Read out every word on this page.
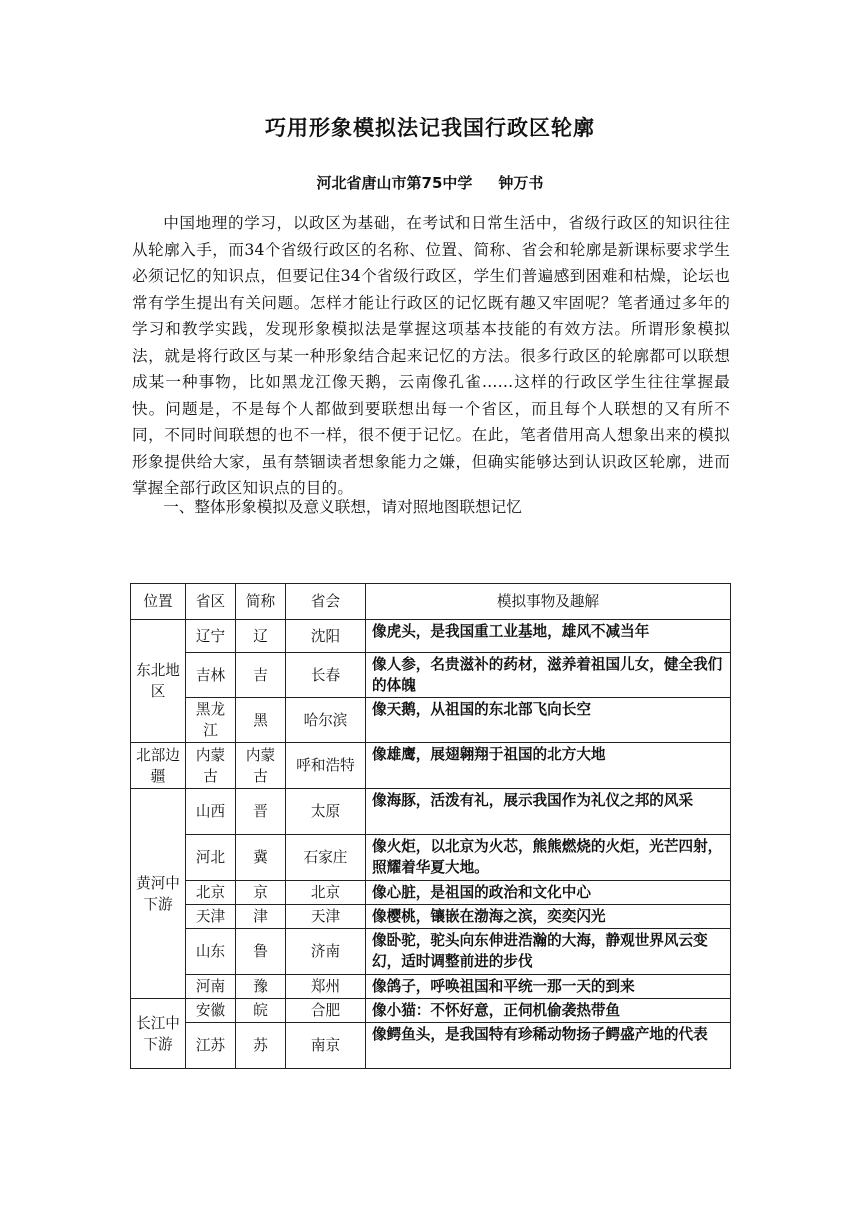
巧用形象模拟法记我国行政区轮廓
河北省唐山市第75中学 钟万书

中国地理的学习，以政区为基础，在考试和日常生活中，省级行政区的知识往往从轮廓入手，而34个省级行政区的名称、位置、简称、省会和轮廓是新课标要求学生必须记忆的知识点，但要记住34个省级行政区，学生们普遍感到困难和枯燥，论坛也常有学生提出有关问题。怎样才能让行政区的记忆既有趣又牢固呢？笔者通过多年的学习和教学实践，发现形象模拟法是掌握这项基本技能的有效方法。所谓形象模拟法，就是将行政区与某一种形象结合起来记忆的方法。很多行政区的轮廓都可以联想成某一种事物，比如黑龙江像天鹅，云南像孔雀……这样的行政区学生往往掌握最快。问题是，不是每个人都做到要联想出每一个省区，而且每个人联想的又有所不同，不同时间联想的也不一样，很不便于记忆。在此，笔者借用高人想象出来的模拟形象提供给大家，虽有禁锢读者想象能力之嫌，但确实能够达到认识政区轮廓，进而掌握全部行政区知识点的目的。

一、整体形象模拟及意义联想，请对照地图联想记忆

位置	省区	简称	省会	模拟事物及趣解
东北地区	辽宁	辽	沈阳	像虎头，是我国重工业基地，雄风不减当年
	吉林	吉	长春	像人参，名贵滋补的药材，滋养着祖国儿女，健全我们的体魄
	黑龙江	黑	哈尔滨	像天鹅，从祖国的东北部飞向长空
北部边疆	内蒙古	内蒙古	呼和浩特	像雄鹰，展翅翱翔于祖国的北方大地
黄河中下游	山西	晋	太原	像海豚，活泼有礼，展示我国作为礼仪之邦的风采
	河北	冀	石家庄	像火炬，以北京为火芯，熊熊燃烧的火炬，光芒四射，照耀着华夏大地。
	北京	京	北京	像心脏，是祖国的政治和文化中心
	天津	津	天津	像樱桃，镶嵌在渤海之滨，奕奕闪光
	山东	鲁	济南	像卧驼，驼头向东伸进浩瀚的大海，静观世界风云变幻，适时调整前进的步伐
	河南	豫	郑州	像鸽子，呼唤祖国和平统一那一天的到来
长江中下游	安徽	皖	合肥	像小猫：不怀好意，正伺机偷袭热带鱼
	江苏	苏	南京	像鳄鱼头，是我国特有珍稀动物扬子鳄盛产地的代表
